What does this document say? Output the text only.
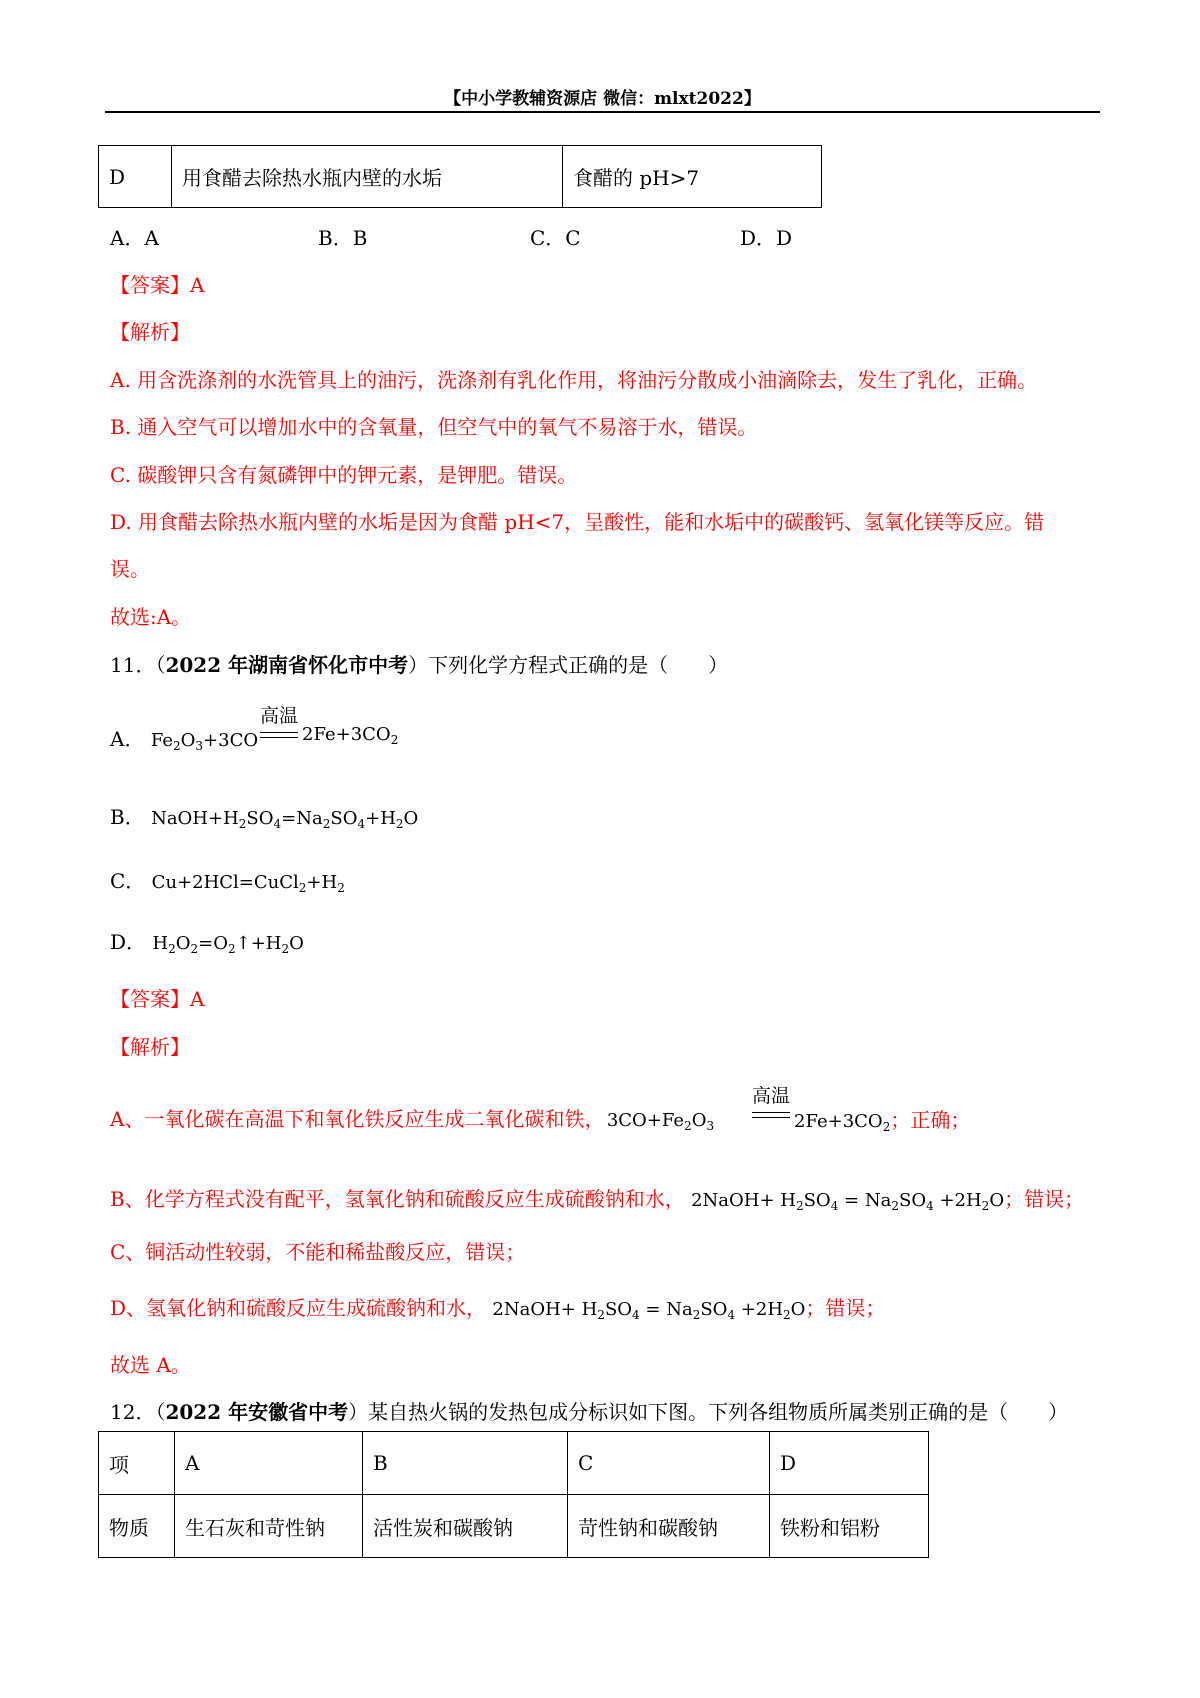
【中小学教辅资源店 微信：mlxt2022】
D	用食醋去除热水瓶内壁的水垢	食醋的 pH>7
A．A	B．B	C．C	D．D
【答案】A
【解析】
A. 用含洗涤剂的水洗管具上的油污，洗涤剂有乳化作用，将油污分散成小油滴除去，发生了乳化，正确。
B. 通入空气可以增加水中的含氧量，但空气中的氧气不易溶于水，错误。
C. 碳酸钾只含有氮磷钾中的钾元素，是钾肥。错误。
D. 用食醋去除热水瓶内壁的水垢是因为食醋 pH<7，呈酸性，能和水垢中的碳酸钙、氢氧化镁等反应。错
误。
故选:A。
11．（2022 年湖南省怀化市中考）下列化学方程式正确的是（　　）
A． $Fe_2O_3+3CO$
高温
$2Fe+3CO_2$
B． $NaOH+H_2SO_4=Na_2SO_4+H_2O$
C． $Cu+2HCl=CuCl_2+H_2$
D． $H_2O_2=O_2↑+H_2O$
【答案】A
【解析】
A、一氧化碳在高温下和氧化铁反应生成二氧化碳和铁， $3CO+Fe_2O_3$
高温
$2Fe+3CO_2$；正确；
B、化学方程式没有配平，氢氧化钠和硫酸反应生成硫酸钠和水， 2NaOH+ $H_2SO_4 = Na_2SO_4 +2H_2O$；错误；
C、铜活动性较弱，不能和稀盐酸反应，错误；
D、氢氧化钠和硫酸反应生成硫酸钠和水， 2NaOH+ $H_2SO_4 = Na_2SO_4 +2H_2O$；错误；
故选 A。
12．（2022 年安徽省中考）某自热火锅的发热包成分标识如下图。下列各组物质所属类别正确的是（　　）
项	A	B	C	D
物质	生石灰和苛性钠	活性炭和碳酸钠	苛性钠和碳酸钠	铁粉和铝粉
